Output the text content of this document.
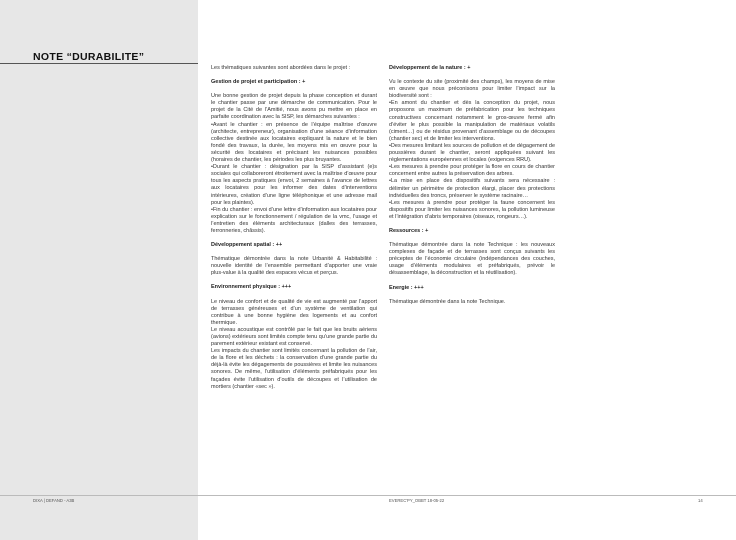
NOTE “DURABILITE”

Les thématiques suivantes sont abordées dans le projet :

Gestion de projet et participation : +

Une bonne gestion de projet depuis la phase conception et durant le chantier passe par une démarche de communication. Pour le projet de la Cité de l’Amitié, nous avons pu mettre en place en parfaite coordination avec la SISP, les démarches suivantes :

•Avant le chantier : en présence de l’équipe maîtrise d’œuvre (architecte, entrepreneur), organisation d’une séance d’information collective destinée aux locataires expliquant la nature et le bien fondé des travaux, la durée, les moyens mis en œuvre pour la sécurité des locataires et précisant les nuisances possibles (horaires de chantier, les périodes les plus bruyantes.

•Durant le chantier : désignation par la SISP d’assistant (e)s sociales qui collaboreront étroitement avec la maîtrise d’œuvre pour tous les aspects pratiques (envoi, 2 semaines à l’avance de lettres aux locataires pour les informer des dates d’interventions intérieures, création d’une ligne téléphonique et une adresse mail pour les plaintes).

•Fin du chantier : envoi d’une lettre d’information aux locataires pour explication sur le fonctionnement / régulation de la vmc, l’usage et l’entretien des éléments architecturaux (dalles des terrasses, ferronneries, châssis).

Développement spatial : ++

Thématique démontrée dans la note Urbanité & Habitabilité : nouvelle identité de l’ensemble permettant d’apporter une vraie plus-value à la qualité des espaces vécus et perçus.

Environnement physique : +++

Le niveau de confort et de qualité de vie est augmenté par l’apport de terrasses généreuses et d’un système de ventilation qui contribue à une bonne hygiène des logements et au confort thermique.

Le niveau acoustique est contrôlé par le fait que les bruits aériens (avions) extérieurs sont limités compte tenu qu’une grande partie du parement extérieur existant est conservé.

Les impacts du chantier sont limités concernant la pollution de l’air, de la flore et les déchets : la conservation d’une grande partie du déjà-là évite les dégagements de poussières et limite les nuisances sonores. De même, l’utilisation d’éléments préfabriqués pour les façades évite l’utilisation d’outils de découpes et l’utilisation de mortiers (chantier «sec »).

Développement de la nature : +

Vu le contexte du site (proximité des champs), les moyens de mise en œuvre que nous préconisons pour limiter l’impact sur la biodiversité sont :

•En amont du chantier et dès la conception du projet, nous proposons un maximum de préfabrication pour les techniques constructives concernant notamment le gros-œuvre fermé afin d’éviter le plus possible la manipulation de matériaux volatils (ciment…) ou de résidus provenant d’assemblage ou de découpes (chantier sec) et de limiter les interventions.

•Des mesures limitant les sources de pollution et de dégagement de poussières durant le chantier, seront appliquées suivant les réglementations européennes et locales (exigences RRU).

•Les mesures à prendre pour protéger la flore en cours de chantier concernent entre autres la préservation des arbres.

•La mise en place des dispositifs suivants sera nécessaire : délimiter un périmètre de protection élargi, placer des protections individuelles des troncs, préserver le système racinaire…

•Les mesures à prendre pour protéger la faune concernent les dispositifs pour limiter les nuisances sonores, la pollution lumineuse et l’intégration d’abris temporaires (oiseaux, rongeurs…).

Ressources : +

Thématique démontrée dans la note Technique : les nouveaux complexes de façade et de terrasses sont conçus suivants les préceptes de l’économie circulaire (indépendances des couches, usage d’éléments modulaires et préfabriqués, prévoir le désassemblage, la déconstruction et la réutilisation).

Energie : +++

Thématique démontrée dans la note Technique.

DIXA | DEFAND - A3B	EVEREC'PY_OBBT 18-05-22	14
